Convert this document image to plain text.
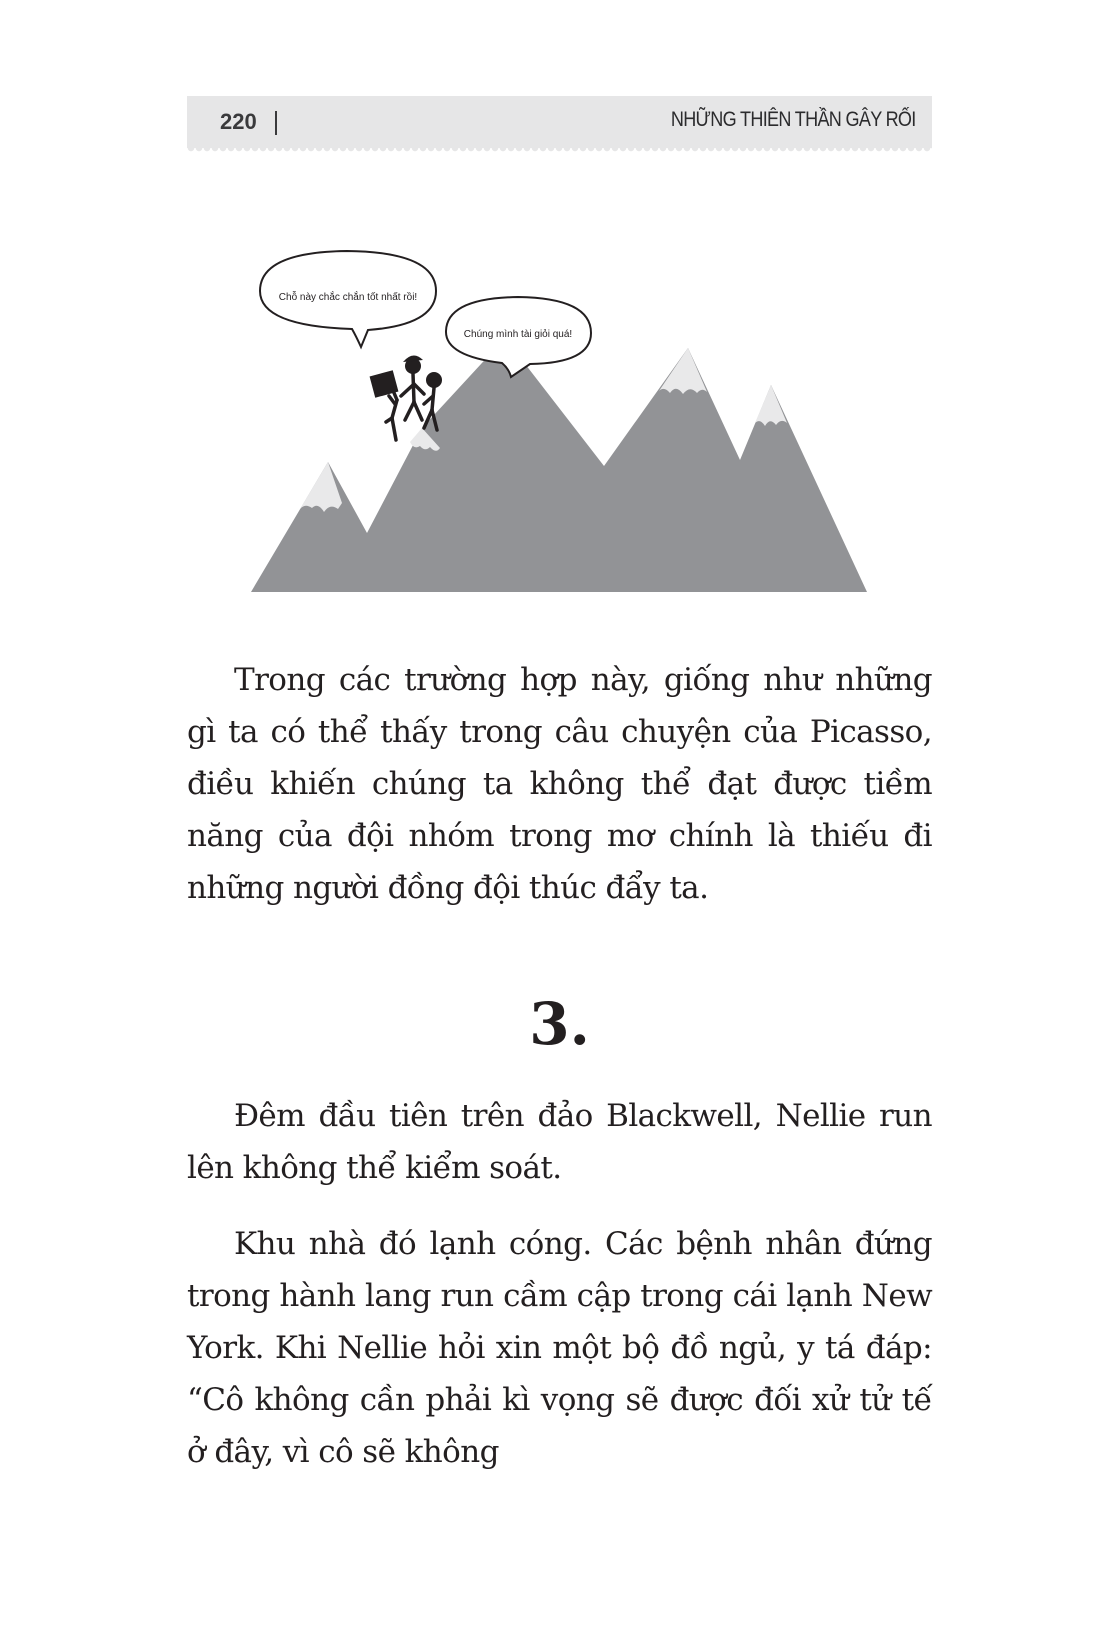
220	NHỮNG THIÊN THẦN GÂY RỐI
Chỗ này chắc chắn tốt nhất rồi!
Chúng mình tài giỏi quá!

Trong các trường hợp này, giống như những gì ta có thể thấy trong câu chuyện của Picasso, điều khiến chúng ta không thể đạt được tiềm năng của đội nhóm trong mơ chính là thiếu đi những người đồng đội thúc đẩy ta.

3.

Đêm đầu tiên trên đảo Blackwell, Nellie run lên không thể kiểm soát.

Khu nhà đó lạnh cóng. Các bệnh nhân đứng trong hành lang run cầm cập trong cái lạnh New York. Khi Nellie hỏi xin một bộ đồ ngủ, y tá đáp: “Cô không cần phải kì vọng sẽ được đối xử tử tế ở đây, vì cô sẽ không
